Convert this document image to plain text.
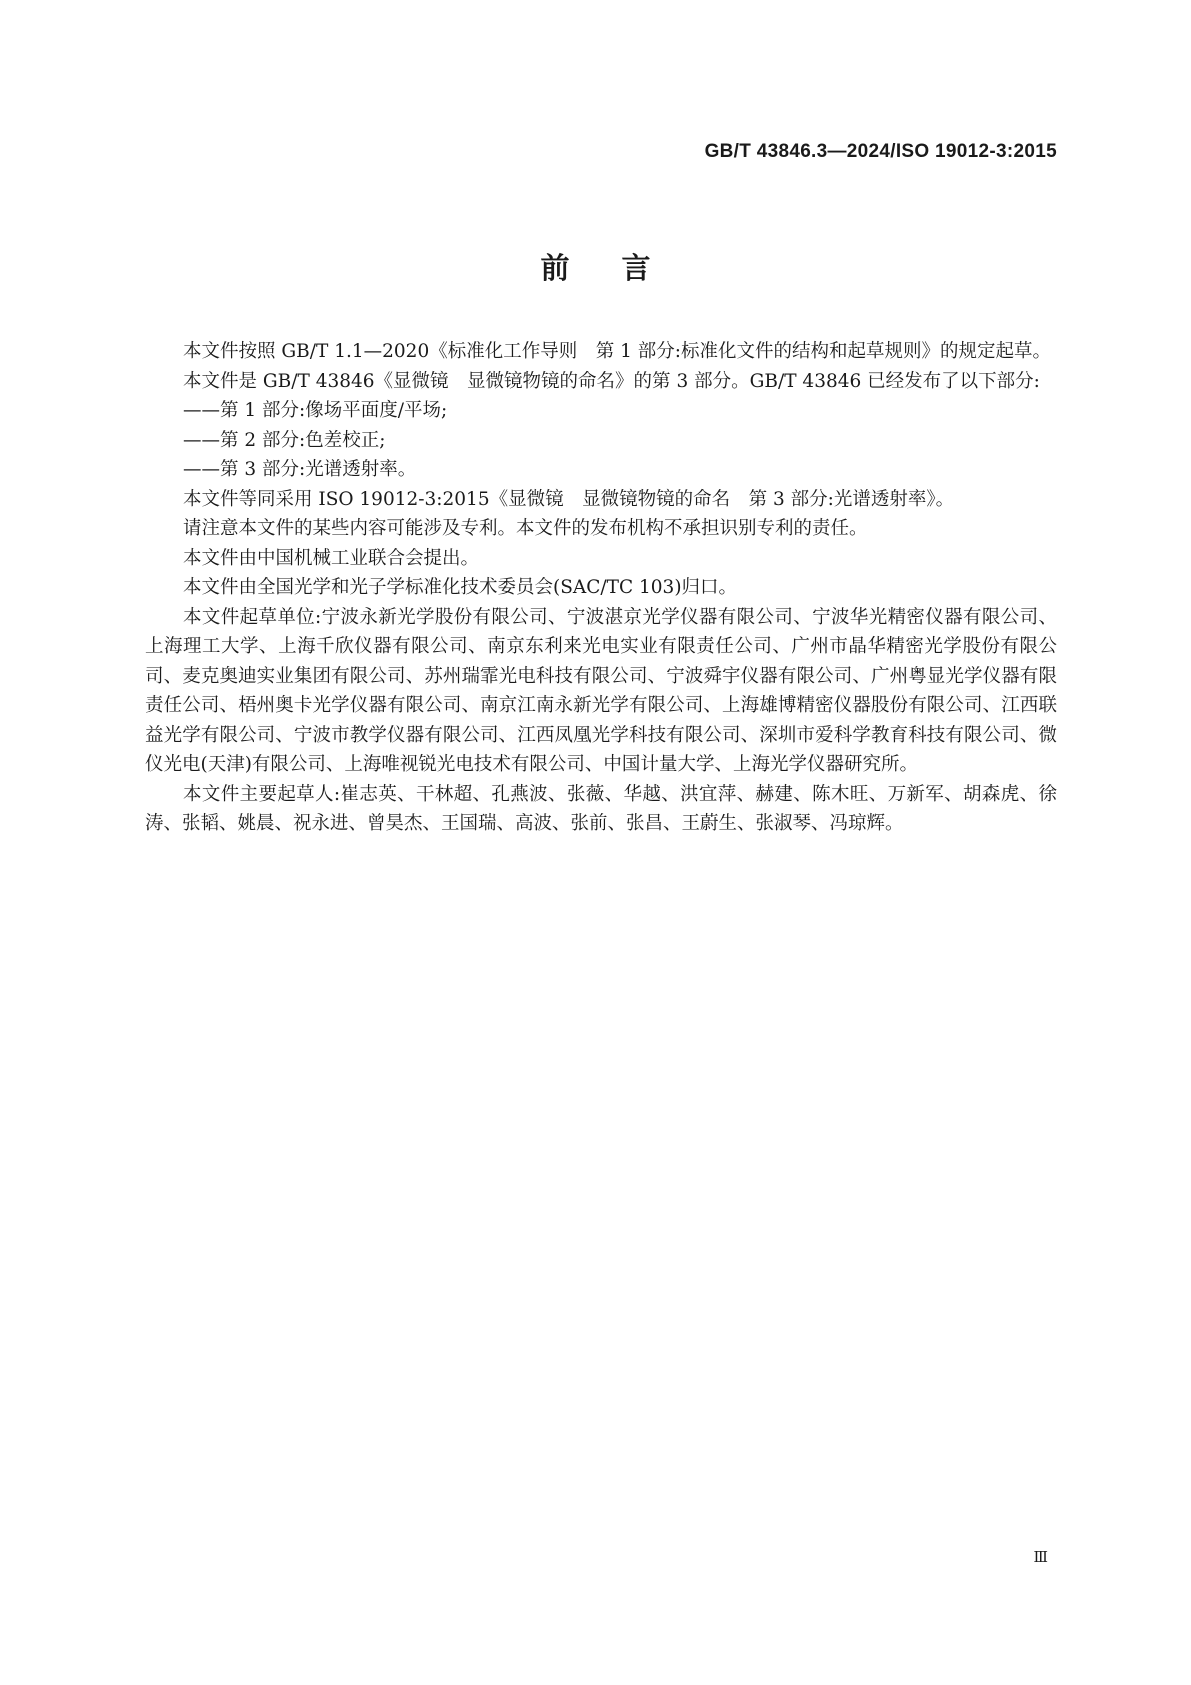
GB/T 43846.3—2024/ISO 19012-3:2015
前言

本文件按照 GB/T 1.1—2020《标准化工作导则　第 1 部分:标准化文件的结构和起草规则》的规定起草。

本文件是 GB/T 43846《显微镜　显微镜物镜的命名》的第 3 部分。GB/T 43846 已经发布了以下部分:

——第 1 部分:像场平面度/平场;

——第 2 部分:色差校正;

——第 3 部分:光谱透射率。

本文件等同采用 ISO 19012-3:2015《显微镜　显微镜物镜的命名　第 3 部分:光谱透射率》。

请注意本文件的某些内容可能涉及专利。本文件的发布机构不承担识别专利的责任。

本文件由中国机械工业联合会提出。

本文件由全国光学和光子学标准化技术委员会(SAC/TC 103)归口。

本文件起草单位:宁波永新光学股份有限公司、宁波湛京光学仪器有限公司、宁波华光精密仪器有限公司、上海理工大学、上海千欣仪器有限公司、南京东利来光电实业有限责任公司、广州市晶华精密光学股份有限公司、麦克奥迪实业集团有限公司、苏州瑞霏光电科技有限公司、宁波舜宇仪器有限公司、广州粤显光学仪器有限责任公司、梧州奥卡光学仪器有限公司、南京江南永新光学有限公司、上海雄博精密仪器股份有限公司、江西联益光学有限公司、宁波市教学仪器有限公司、江西凤凰光学科技有限公司、深圳市爱科学教育科技有限公司、微仪光电(天津)有限公司、上海唯视锐光电技术有限公司、中国计量大学、上海光学仪器研究所。

本文件主要起草人:崔志英、干林超、孔燕波、张薇、华越、洪宜萍、赫建、陈木旺、万新军、胡森虎、徐涛、张韬、姚晨、祝永进、曾昊杰、王国瑞、高波、张前、张昌、王蔚生、张淑琴、冯琼辉。

Ⅲ
